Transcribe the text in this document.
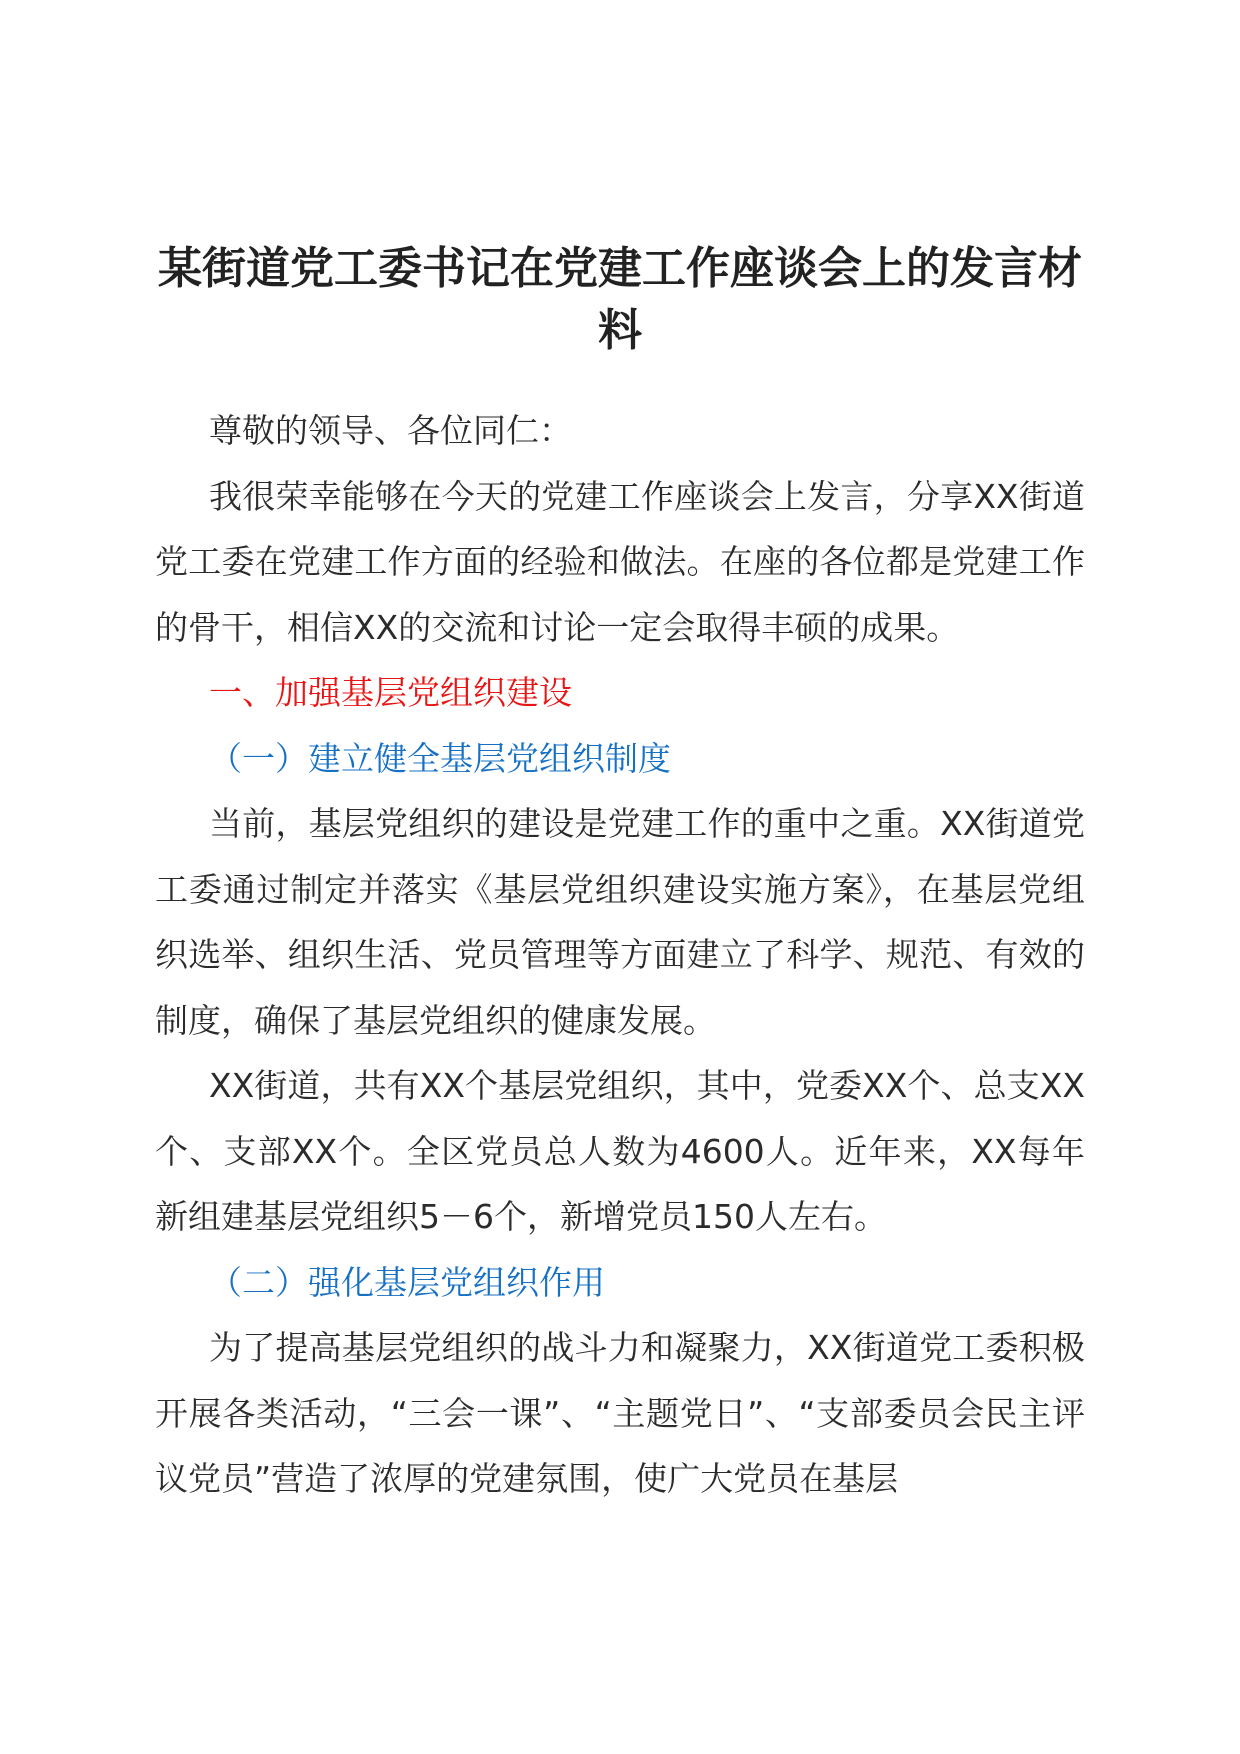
某街道党工委书记在党建工作座谈会上的发言材料

尊敬的领导、各位同仁：

我很荣幸能够在今天的党建工作座谈会上发言，分享XX街道党工委在党建工作方面的经验和做法。在座的各位都是党建工作的骨干，相信XX的交流和讨论一定会取得丰硕的成果。

一、加强基层党组织建设

（一）建立健全基层党组织制度

当前，基层党组织的建设是党建工作的重中之重。XX街道党工委通过制定并落实《基层党组织建设实施方案》，在基层党组织选举、组织生活、党员管理等方面建立了科学、规范、有效的制度，确保了基层党组织的健康发展。

XX街道，共有XX个基层党组织，其中，党委XX个、总支XX个、支部XX个。全区党员总人数为4600人。近年来，XX每年新组建基层党组织5－6个，新增党员150人左右。

（二）强化基层党组织作用

为了提高基层党组织的战斗力和凝聚力，XX街道党工委积极开展各类活动，“三会一课”、“主题党日”、“支部委员会民主评议党员”营造了浓厚的党建氛围，使广大党员在基层
